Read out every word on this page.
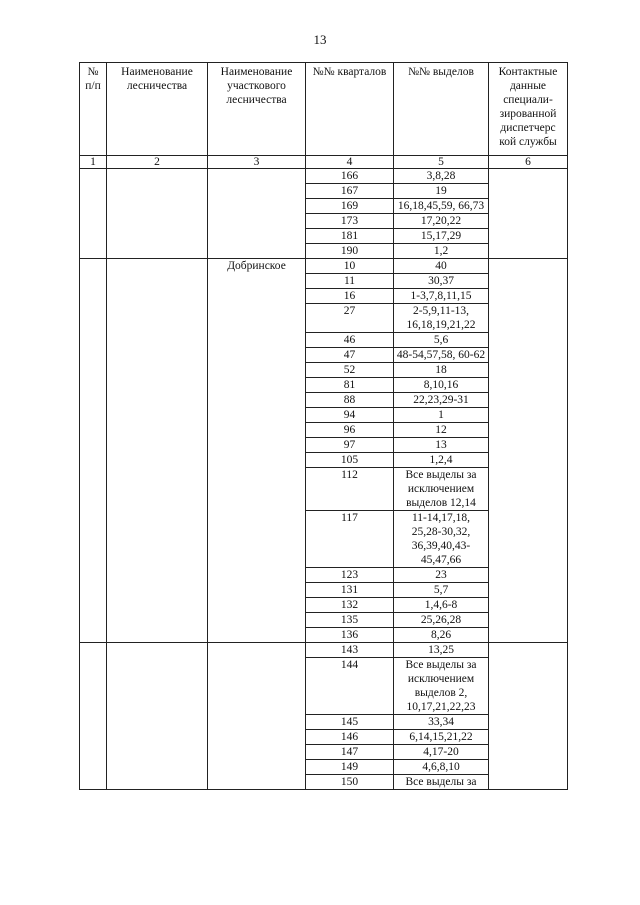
13
№ п/п	Наименование лесничества	Наименование участкового лесничества	№№ кварталов	№№ выделов	Контактные данные специали-зированной диспетчерс кой службы
1	2	3	4	5	6
			166	3,8,28	
			167	19	
			169	16,18,45,59, 66,73	
			173	17,20,22	
			181	15,17,29	
			190	1,2	
		Добринское	10	40	
			11	30,37	
			16	1-3,7,8,11,15	
			27	2-5,9,11-13, 16,18,19,21,22	
			46	5,6	
			47	48-54,57,58, 60-62	
			52	18	
			81	8,10,16	
			88	22,23,29-31	
			94	1	
			96	12	
			97	13	
			105	1,2,4	
			112	Все выделы за исключением выделов 12,14	
			117	11-14,17,18, 25,28-30,32, 36,39,40,43-45,47,66	
			123	23	
			131	5,7	
			132	1,4,6-8	
			135	25,26,28	
			136	8,26	
			143	13,25	
			144	Все выделы за исключением выделов 2, 10,17,21,22,23	
			145	33,34	
			146	6,14,15,21,22	
			147	4,17-20	
			149	4,6,8,10	
			150	Все выделы за	
